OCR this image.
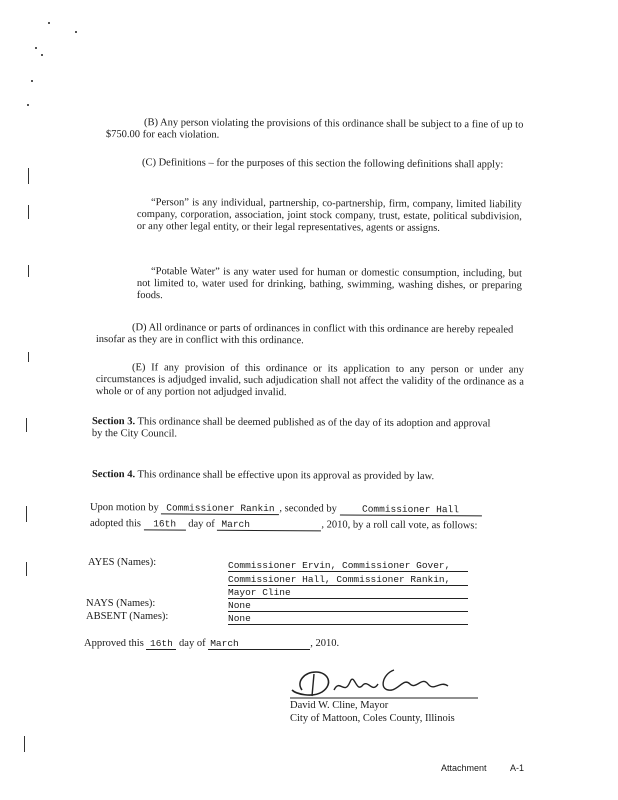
(B) Any person violating the provisions of this ordinance shall be subject to a fine of up to $750.00 for each violation.

(C) Definitions – for the purposes of this section the following definitions shall apply:

“Person” is any individual, partnership, co-partnership, firm, company, limited liability company, corporation, association, joint stock company, trust, estate, political subdivision, or any other legal entity, or their legal representatives, agents or assigns.

“Potable Water” is any water used for human or domestic consumption, including, but not limited to, water used for drinking, bathing, swimming, washing dishes, or preparing foods.

(D) All ordinance or parts of ordinances in conflict with this ordinance are hereby repealed insofar as they are in conflict with this ordinance.

(E) If any provision of this ordinance or its application to any person or under any circumstances is adjudged invalid, such adjudication shall not affect the validity of the ordinance as a whole or of any portion not adjudged invalid.

Section 3. This ordinance shall be deemed published as of the day of its adoption and approval by the City Council.

Section 4. This ordinance shall be effective upon its approval as provided by law.

Upon motion by Commissioner Rankin , seconded by	Commissioner Hall
adopted this 16th day of March	, 2010, by a roll call vote, as follows:
AYES (Names):	Commissioner Ervin, Commissioner Gover,
Commissioner Hall, Commissioner Rankin,
Mayor Cline
NAYS (Names):	None
ABSENT (Names):	None
Approved this 16th day of March	, 2010.
David W. Cline, Mayor
City of Mattoon, Coles County, Illinois
Attachment	A-1
